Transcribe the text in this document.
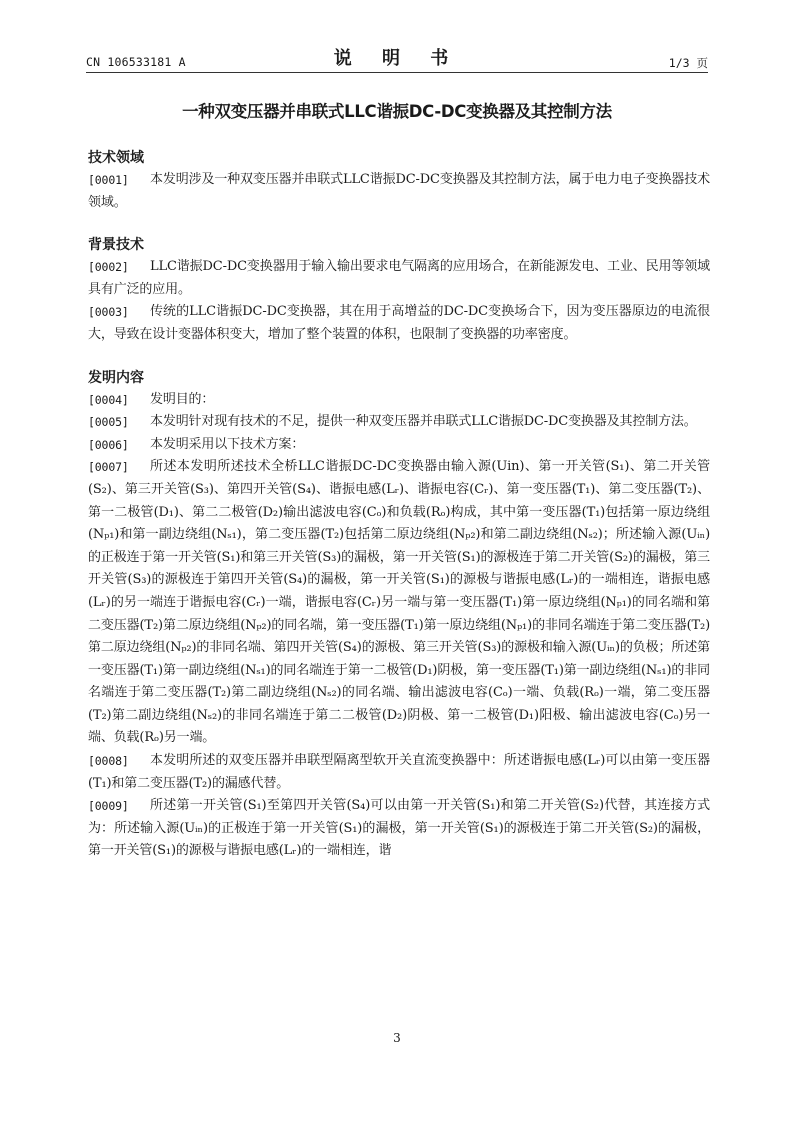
CN 106533181 A	说 明 书	1/3 页
一种双变压器并串联式LLC谐振DC-DC变换器及其控制方法
技术领域

[0001] 本发明涉及一种双变压器并串联式LLC谐振DC-DC变换器及其控制方法，属于电力电子变换器技术领域。

背景技术

[0002] LLC谐振DC-DC变换器用于输入输出要求电气隔离的应用场合，在新能源发电、工业、民用等领域具有广泛的应用。

[0003] 传统的LLC谐振DC-DC变换器，其在用于高增益的DC-DC变换场合下，因为变压器原边的电流很大，导致在设计变器体积变大，增加了整个装置的体积，也限制了变换器的功率密度。

发明内容

[0004] 发明目的：

[0005] 本发明针对现有技术的不足，提供一种双变压器并串联式LLC谐振DC-DC变换器及其控制方法。

[0006] 本发明采用以下技术方案：

[0007] 所述本发明所述技术全桥LLC谐振DC-DC变换器由输入源(Uin)、第一开关管(S₁)、第二开关管(S₂)、第三开关管(S₃)、第四开关管(S₄)、谐振电感(Lᵣ)、谐振电容(Cᵣ)、第一变压器(T₁)、第二变压器(T₂)、第一二极管(D₁)、第二二极管(D₂)输出滤波电容(Cₒ)和负载(Rₒ)构成，其中第一变压器(T₁)包括第一原边绕组(Nₚ₁)和第一副边绕组(Nₛ₁)，第二变压器(T₂)包括第二原边绕组(Nₚ₂)和第二副边绕组(Nₛ₂)；所述输入源(Uᵢₙ)的正极连于第一开关管(S₁)和第三开关管(S₃)的漏极，第一开关管(S₁)的源极连于第二开关管(S₂)的漏极，第三开关管(S₃)的源极连于第四开关管(S₄)的漏极，第一开关管(S₁)的源极与谐振电感(Lᵣ)的一端相连，谐振电感(Lᵣ)的另一端连于谐振电容(Cᵣ)一端，谐振电容(Cᵣ)另一端与第一变压器(T₁)第一原边绕组(Nₚ₁)的同名端和第二变压器(T₂)第二原边绕组(Nₚ₂)的同名端，第一变压器(T₁)第一原边绕组(Nₚ₁)的非同名端连于第二变压器(T₂)第二原边绕组(Nₚ₂)的非同名端、第四开关管(S₄)的源极、第三开关管(S₃)的源极和输入源(Uᵢₙ)的负极；所述第一变压器(T₁)第一副边绕组(Nₛ₁)的同名端连于第一二极管(D₁)阴极，第一变压器(T₁)第一副边绕组(Nₛ₁)的非同名端连于第二变压器(T₂)第二副边绕组(Nₛ₂)的同名端、输出滤波电容(Cₒ)一端、负载(Rₒ)一端，第二变压器(T₂)第二副边绕组(Nₛ₂)的非同名端连于第二二极管(D₂)阴极、第一二极管(D₁)阳极、输出滤波电容(Cₒ)另一端、负载(Rₒ)另一端。

[0008] 本发明所述的双变压器并串联型隔离型软开关直流变换器中：所述谐振电感(Lᵣ)可以由第一变压器(T₁)和第二变压器(T₂)的漏感代替。

[0009] 所述第一开关管(S₁)至第四开关管(S₄)可以由第一开关管(S₁)和第二开关管(S₂)代替，其连接方式为：所述输入源(Uᵢₙ)的正极连于第一开关管(S₁)的漏极，第一开关管(S₁)的源极连于第二开关管(S₂)的漏极，第一开关管(S₁)的源极与谐振电感(Lᵣ)的一端相连，谐

3
